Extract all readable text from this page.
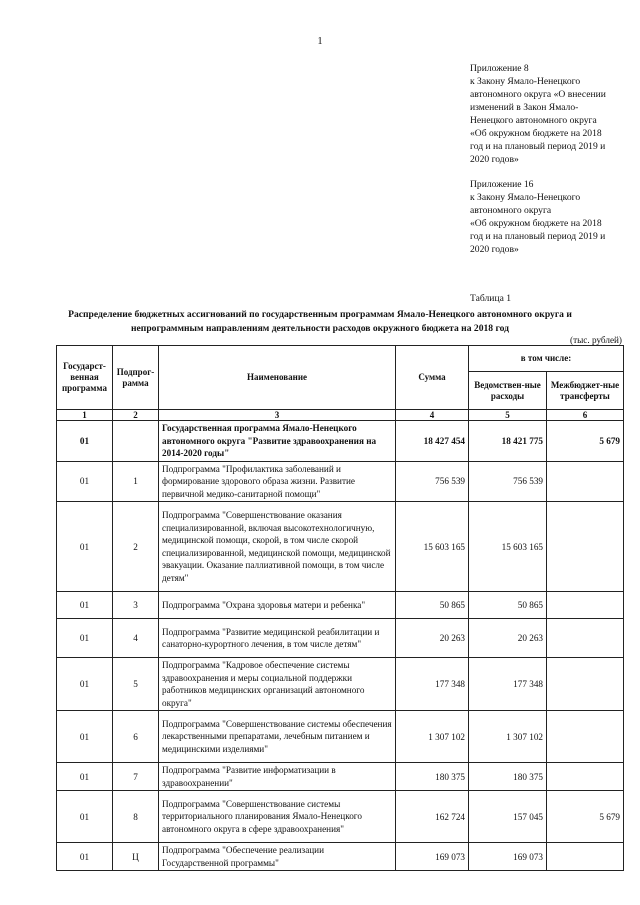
1
Приложение 8
к Закону Ямало-Ненецкого
автономного округа «О внесении
изменений в Закон Ямало-
Ненецкого автономного округа
«Об окружном бюджете на 2018
год и на плановый период 2019 и
2020 годов»
Приложение 16
к Закону Ямало-Ненецкого
автономного округа
«Об окружном бюджете на 2018
год и на плановый период 2019 и
2020 годов»
Таблица 1
Распределение бюджетных ассигнований по государственным программам Ямало-Ненецкого автономного округа и
непрограммным направлениям деятельности расходов окружного бюджета на 2018 год
(тыс. рублей)
Государст-венная программа	Подпрог-рамма	Наименование	Сумма	в том числе:	
				Ведомствен-ные расходы	Межбюджет-ные трансферты
1	2	3	4	5	6
01		Государственная программа Ямало-Ненецкого автономного округа "Развитие здравоохранения на 2014-2020 годы"	18 427 454	18 421 775	5 679
01	1	Подпрограмма "Профилактика заболеваний и формирование здорового образа жизни. Развитие первичной медико-санитарной помощи"	756 539	756 539	
01	2	Подпрограмма "Совершенствование оказания специализированной, включая высокотехнологичную, медицинской помощи, скорой, в том числе скорой специализированной, медицинской помощи, медицинской эвакуации. Оказание паллиативной помощи, в том числе детям"	15 603 165	15 603 165	
01	3	Подпрограмма "Охрана здоровья матери и ребенка"	50 865	50 865	
01	4	Подпрограмма "Развитие медицинской реабилитации и санаторно-курортного лечения, в том числе детям"	20 263	20 263	
01	5	Подпрограмма "Кадровое обеспечение системы здравоохранения и меры социальной поддержки работников медицинских организаций автономного округа"	177 348	177 348	
01	6	Подпрограмма "Совершенствование системы обеспечения лекарственными препаратами, лечебным питанием и медицинскими изделиями"	1 307 102	1 307 102	
01	7	Подпрограмма "Развитие информатизации в здравоохранении"	180 375	180 375	
01	8	Подпрограмма "Совершенствование системы территориального планирования Ямало-Ненецкого автономного округа в сфере здравоохранения"	162 724	157 045	5 679
01	Ц	Подпрограмма "Обеспечение реализации Государственной программы"	169 073	169 073	
